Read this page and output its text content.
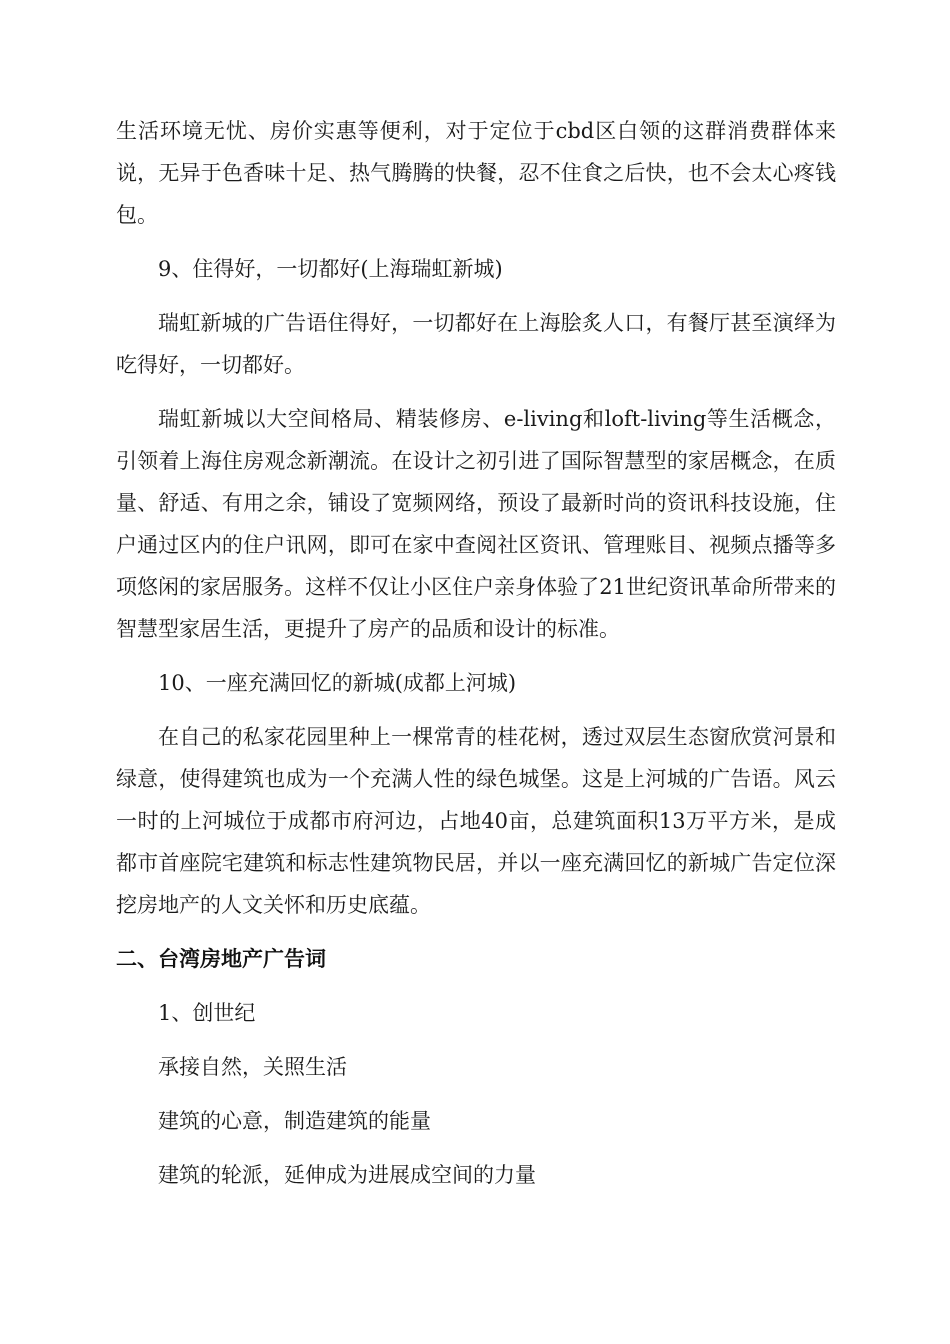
生活环境无忧、房价实惠等便利，对于定位于cbd区白领的这群消费群体来说，无异于色香味十足、热气腾腾的快餐，忍不住食之后快，也不会太心疼钱包。

9、住得好，一切都好(上海瑞虹新城)

瑞虹新城的广告语住得好，一切都好在上海脍炙人口，有餐厅甚至演绎为吃得好，一切都好。

瑞虹新城以大空间格局、精装修房、e-living和loft-living等生活概念，引领着上海住房观念新潮流。在设计之初引进了国际智慧型的家居概念，在质量、舒适、有用之余，铺设了宽频网络，预设了最新时尚的资讯科技设施，住户通过区内的住户讯网，即可在家中查阅社区资讯、管理账目、视频点播等多项悠闲的家居服务。这样不仅让小区住户亲身体验了21世纪资讯革命所带来的智慧型家居生活，更提升了房产的品质和设计的标准。

10、一座充满回忆的新城(成都上河城)

在自己的私家花园里种上一棵常青的桂花树，透过双层生态窗欣赏河景和绿意，使得建筑也成为一个充满人性的绿色城堡。这是上河城的广告语。风云一时的上河城位于成都市府河边，占地40亩，总建筑面积13万平方米，是成都市首座院宅建筑和标志性建筑物民居，并以一座充满回忆的新城广告定位深挖房地产的人文关怀和历史底蕴。

二、台湾房地产广告词

1、创世纪

承接自然，关照生活

建筑的心意，制造建筑的能量

建筑的轮派，延伸成为进展成空间的力量
